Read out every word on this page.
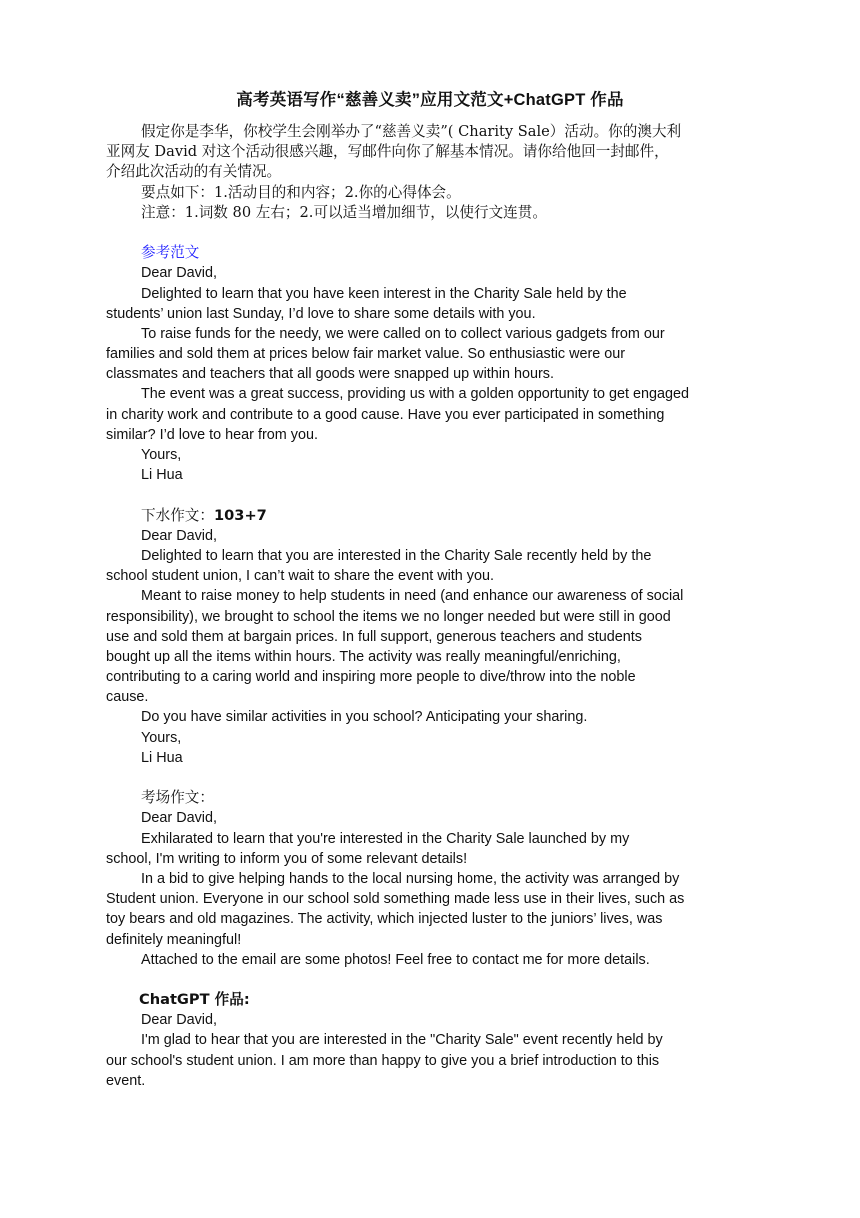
高考英语写作“慈善义卖”应用文范文+ChatGPT 作品
假定你是李华，你校学生会刚举办了“慈善义卖”( Charity Sale）活动。你的澳大利
亚网友 David 对这个活动很感兴趣，写邮件向你了解基本情况。请你给他回一封邮件，
介绍此次活动的有关情况。
要点如下：1.活动目的和内容；2.你的心得体会。
注意：1.词数 80 左右；2.可以适当增加细节，以使行文连贯。
参考范文
Dear David,
Delighted to learn that you have keen interest in the Charity Sale held by the
students’ union last Sunday, I’d love to share some details with you.
To raise funds for the needy, we were called on to collect various gadgets from our
families and sold them at prices below fair market value. So enthusiastic were our
classmates and teachers that all goods were snapped up within hours.
The event was a great success, providing us with a golden opportunity to get engaged
in charity work and contribute to a good cause. Have you ever participated in something
similar? I’d love to hear from you.
Yours,
Li Hua
下水作文：103+7
Dear David,
Delighted to learn that you are interested in the Charity Sale recently held by the
school student union, I can’t wait to share the event with you.
Meant to raise money to help students in need (and enhance our awareness of social
responsibility), we brought to school the items we no longer needed but were still in good
use and sold them at bargain prices. In full support, generous teachers and students
bought up all the items within hours. The activity was really meaningful/enriching,
contributing to a caring world and inspiring more people to dive/throw into the noble
cause.
Do you have similar activities in you school? Anticipating your sharing.
Yours,
Li Hua
考场作文：
Dear David,
Exhilarated to learn that you're interested in the Charity Sale launched by my
school, I'm writing to inform you of some relevant details!
In a bid to give helping hands to the local nursing home, the activity was arranged by
Student union. Everyone in our school sold something made less use in their lives, such as
toy bears and old magazines. The activity, which injected luster to the juniors’ lives, was
definitely meaningful!
Attached to the email are some photos! Feel free to contact me for more details.
ChatGPT 作品:
Dear David,
I'm glad to hear that you are interested in the "Charity Sale" event recently held by
our school's student union. I am more than happy to give you a brief introduction to this
event.
